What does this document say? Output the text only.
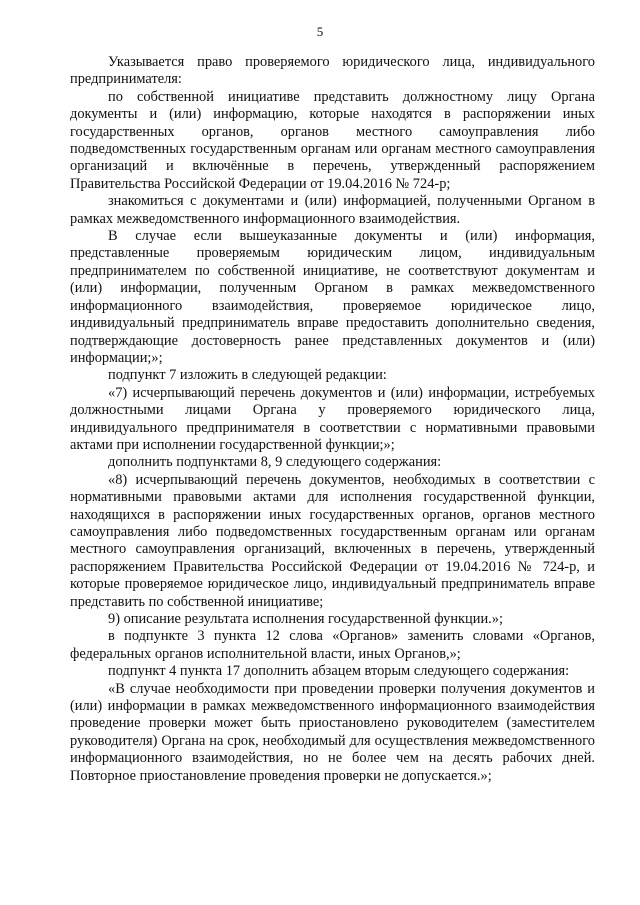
5

Указывается право проверяемого юридического лица, индивидуального предпринимателя:

по собственной инициативе представить должностному лицу Органа документы и (или) информацию, которые находятся в распоряжении иных государственных органов, органов местного самоуправления либо подведомственных государственным органам или органам местного самоуправления организаций и включённые в перечень, утвержденный распоряжением Правительства Российской Федерации от 19.04.2016 № 724-р;

знакомиться с документами и (или) информацией, полученными Органом в рамках межведомственного информационного взаимодействия.

В случае если вышеуказанные документы и (или) информация, представленные проверяемым юридическим лицом, индивидуальным предпринимателем по собственной инициативе, не соответствуют документам и (или) информации, полученным Органом в рамках межведомственного информационного взаимодействия, проверяемое юридическое лицо, индивидуальный предприниматель вправе предоставить дополнительно сведения, подтверждающие достоверность ранее представленных документов и (или) информации;»;

подпункт 7 изложить в следующей редакции:

«7) исчерпывающий перечень документов и (или) информации, истребуемых должностными лицами Органа у проверяемого юридического лица, индивидуального предпринимателя в соответствии с нормативными правовыми актами при исполнении государственной функции;»;

дополнить подпунктами 8, 9 следующего содержания:

«8) исчерпывающий перечень документов, необходимых в соответствии с нормативными правовыми актами для исполнения государственной функции, находящихся в распоряжении иных государственных органов, органов местного самоуправления либо подведомственных государственным органам или органам местного самоуправления организаций, включенных в перечень, утвержденный распоряжением Правительства Российской Федерации от 19.04.2016 № 724-р, и которые проверяемое юридическое лицо, индивидуальный предприниматель вправе представить по собственной инициативе;

9) описание результата исполнения государственной функции.»;

в подпункте 3 пункта 12 слова «Органов» заменить словами «Органов, федеральных органов исполнительной власти, иных Органов,»;

подпункт 4 пункта 17 дополнить абзацем вторым следующего содержания:

«В случае необходимости при проведении проверки получения документов и (или) информации в рамках межведомственного информационного взаимодействия проведение проверки может быть приостановлено руководителем (заместителем руководителя) Органа на срок, необходимый для осуществления межведомственного информационного взаимодействия, но не более чем на десять рабочих дней. Повторное приостановление проведения проверки не допускается.»;
